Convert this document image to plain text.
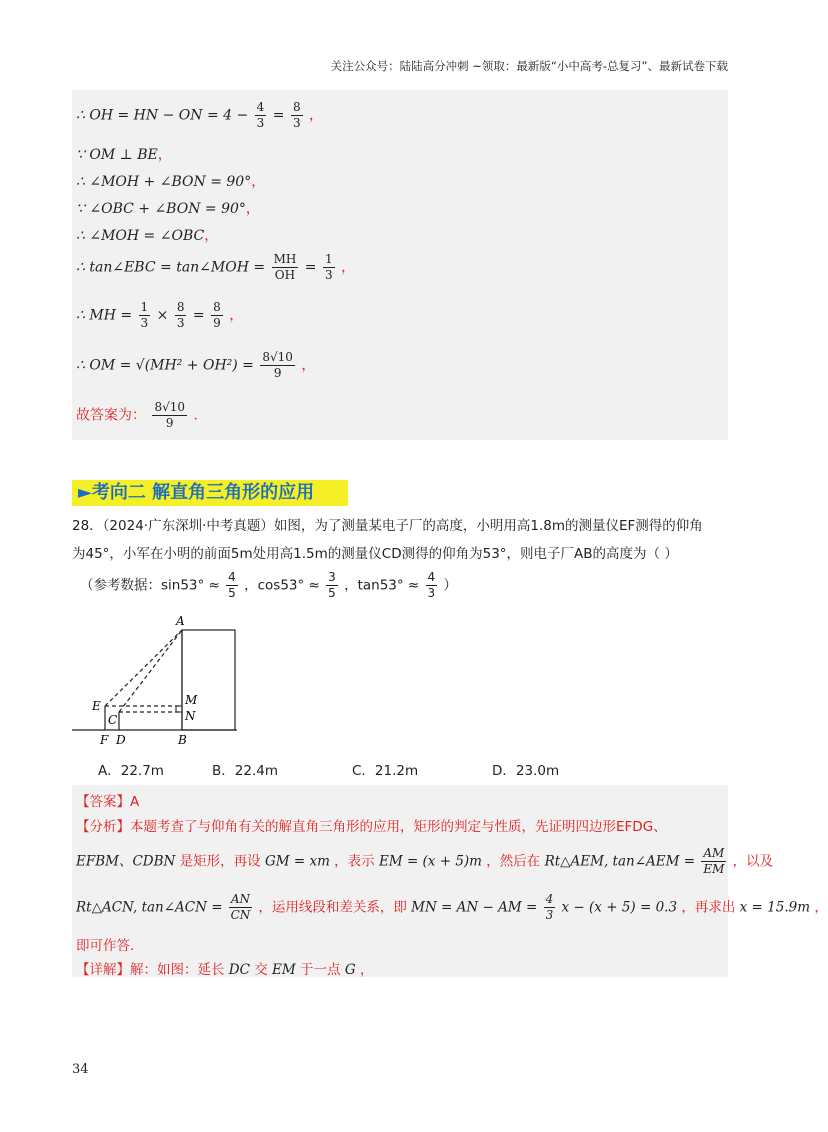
关注公众号：陆陆高分冲刺 ~领取：最新版“小中高考-总复习”、最新试卷下载
∴ OH = HN − ON = $4 - \frac{4}{3} = \frac{8}{3}$ ，
∵ OM ⊥ BE，
∴ ∠MOH + ∠BON = 90°，
∵ ∠OBC + ∠BON = 90°，
∴ ∠MOH = ∠OBC，
∴ tan∠EBC = tan∠MOH = $\frac{MH}{OH} = \frac{1}{3}$ ，
∴ MH = $\frac{1}{3} \times \frac{8}{3} = \frac{8}{9}$ ，
∴ OM = $√(MH^2 + OH^2) = \frac{8√10}{9}$ ，
故答案为： $\frac{8√10}{9}$ .
►考向二 解直角三角形的应用
28．（2024·广东深圳·中考真题）如图，为了测量某电子厂的高度，小明用高1.8m的测量仪EF测得的仰角
为45°，小军在小明的前面5m处用高1.5m的测量仪CD测得的仰角为53°，则电子厂AB的高度为（ ）
（参考数据：$\sin 53^\circ \approx \frac{4}{5}$ ，$\cos 53^\circ \approx \frac{3}{5}$ ，$\tan 53^\circ \approx \frac{4}{3}$ ）
A
E
C
M
N
F D	B
A．22.7m	B．22.4m	C．21.2m	D．23.0m
【答案】A
【分析】本题考查了与仰角有关的解直角三角形的应用，矩形的判定与性质，先证明四边形EFDG、
EFBM、CDBN 是矩形，再设 GM = xm ，表示 EM = (x + 5)m ，然后在 Rt△AEM, tan∠AEM = $\frac{AM}{EM}$ ，以及
Rt△ACN, tan∠ACN = $\frac{AN}{CN}$ ，运用线段和差关系，即 MN = AN − AM = $\frac{4}{3}$ x − (x + 5) = 0.3 ，再求出 x = 15.9m ，
即可作答．
【详解】解：如图：延长 DC 交 EM 于一点 G ，
34
